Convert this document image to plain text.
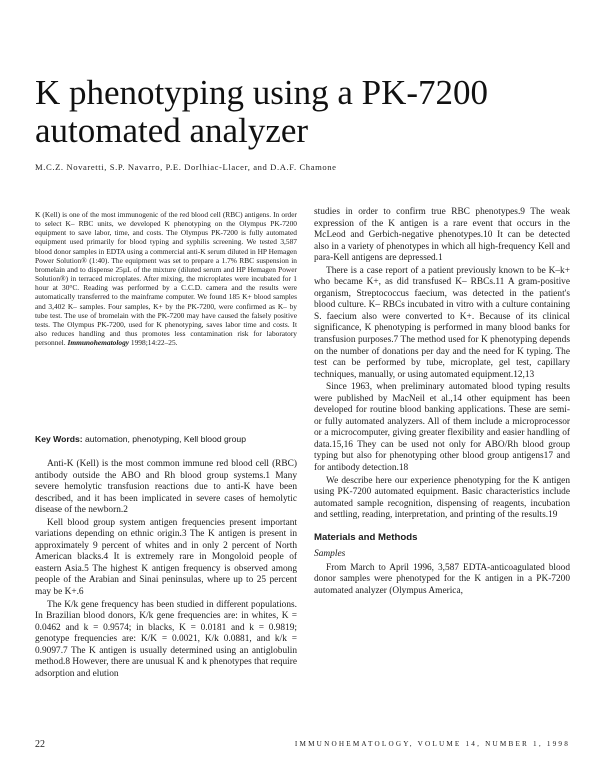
K phenotyping using a PK-7200
automated analyzer
M.C.Z. Novaretti, S.P. Navarro, P.E. Dorlhiac-Llacer, and D.A.F. Chamone

K (Kell) is one of the most immunogenic of the red blood cell (RBC) antigens. In order to select K– RBC units, we developed K phenotyping on the Olympus PK-7200 equipment to save labor, time, and costs. The Olympus PK-7200 is fully automated equipment used primarily for blood typing and syphilis screening. We tested 3,587 blood donor samples in EDTA using a commercial anti-K serum diluted in HP Hemagen Power Solution® (1:40). The equipment was set to prepare a 1.7% RBC suspension in bromelain and to dispense 25µL of the mixture (diluted serum and HP Hemagen Power Solution®) in terraced microplates. After mixing, the microplates were incubated for 1 hour at 30°C. Reading was performed by a C.C.D. camera and the results were automatically transferred to the mainframe computer. We found 185 K+ blood samples and 3,402 K– samples. Four samples, K+ by the PK-7200, were confirmed as K– by tube test. The use of bromelain with the PK-7200 may have caused the falsely positive tests. The Olympus PK-7200, used for K phenotyping, saves labor time and costs. It also reduces handling and thus promotes less contamination risk for laboratory personnel. Immunohematology 1998;14:22–25.

Key Words: automation, phenotyping, Kell blood group

Anti-K (Kell) is the most common immune red blood cell (RBC) antibody outside the ABO and Rh blood group systems.1 Many severe hemolytic transfusion reactions due to anti-K have been described, and it has been implicated in severe cases of hemolytic disease of the newborn.2

Kell blood group system antigen frequencies present important variations depending on ethnic origin.3 The K antigen is present in approximately 9 percent of whites and in only 2 percent of North American blacks.4 It is extremely rare in Mongoloid people of eastern Asia.5 The highest K antigen frequency is observed among people of the Arabian and Sinai peninsulas, where up to 25 percent may be K+.6

The K/k gene frequency has been studied in different populations. In Brazilian blood donors, K/k gene frequencies are: in whites, K = 0.0462 and k = 0.9574; in blacks, K = 0.0181 and k = 0.9819; genotype frequencies are: K/K = 0.0021, K/k 0.0881, and k/k = 0.9097.7 The K antigen is usually determined using an antiglobulin method.8 However, there are unusual K and k phenotypes that require adsorption and elution

studies in order to confirm true RBC phenotypes.9 The weak expression of the K antigen is a rare event that occurs in the McLeod and Gerbich-negative phenotypes.10 It can be detected also in a variety of phenotypes in which all high-frequency Kell and para-Kell antigens are depressed.1

There is a case report of a patient previously known to be K–k+ who became K+, as did transfused K– RBCs.11 A gram-positive organism, Streptococcus faecium, was detected in the patient's blood culture. K– RBCs incubated in vitro with a culture containing S. faecium also were converted to K+. Because of its clinical significance, K phenotyping is performed in many blood banks for transfusion purposes.7 The method used for K phenotyping depends on the number of donations per day and the need for K typing. The test can be performed by tube, microplate, gel test, capillary techniques, manually, or using automated equipment.12,13

Since 1963, when preliminary automated blood typing results were published by MacNeil et al.,14 other equipment has been developed for routine blood banking applications. These are semi- or fully automated analyzers. All of them include a microprocessor or a microcomputer, giving greater flexibility and easier handling of data.15,16 They can be used not only for ABO/Rh blood group typing but also for phenotyping other blood group antigens17 and for antibody detection.18

We describe here our experience phenotyping for the K antigen using PK-7200 automated equipment. Basic characteristics include automated sample recognition, dispensing of reagents, incubation and settling, reading, interpretation, and printing of the results.19

Materials and Methods
Samples

From March to April 1996, 3,587 EDTA-anticoagulated blood donor samples were phenotyped for the K antigen in a PK-7200 automated analyzer (Olympus America,

22	IMMUNOHEMATOLOGY, VOLUME 14, NUMBER 1, 1998
